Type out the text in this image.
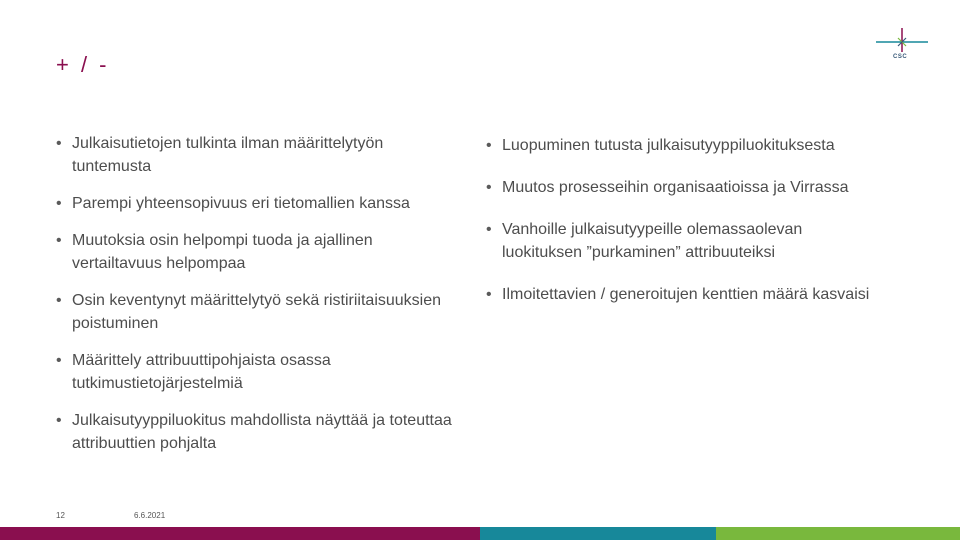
+ / -	CSC
• Julkaisutietojen tulkinta ilman määrittelytyön tuntemusta
• Parempi yhteensopivuus eri tietomallien kanssa
• Muutoksia osin helpompi tuoda ja ajallinen vertailtavuus helpompaa
• Osin keventynyt määrittelytyö sekä ristiriitaisuuksien poistuminen
• Määrittely attribuuttipohjaista osassa tutkimustietojärjestelmiä
• Julkaisutyyppiluokitus mahdollista näyttää ja toteuttaa attribuuttien pohjalta
• Luopuminen tutusta julkaisutyyppiluokituksesta
• Muutos prosesseihin organisaatioissa ja Virrassa
• Vanhoille julkaisutyypeille olemassaolevan luokituksen ”purkaminen” attribuuteiksi
• Ilmoitettavien / generoitujen kenttien määrä kasvaisi
12	6.6.2021
